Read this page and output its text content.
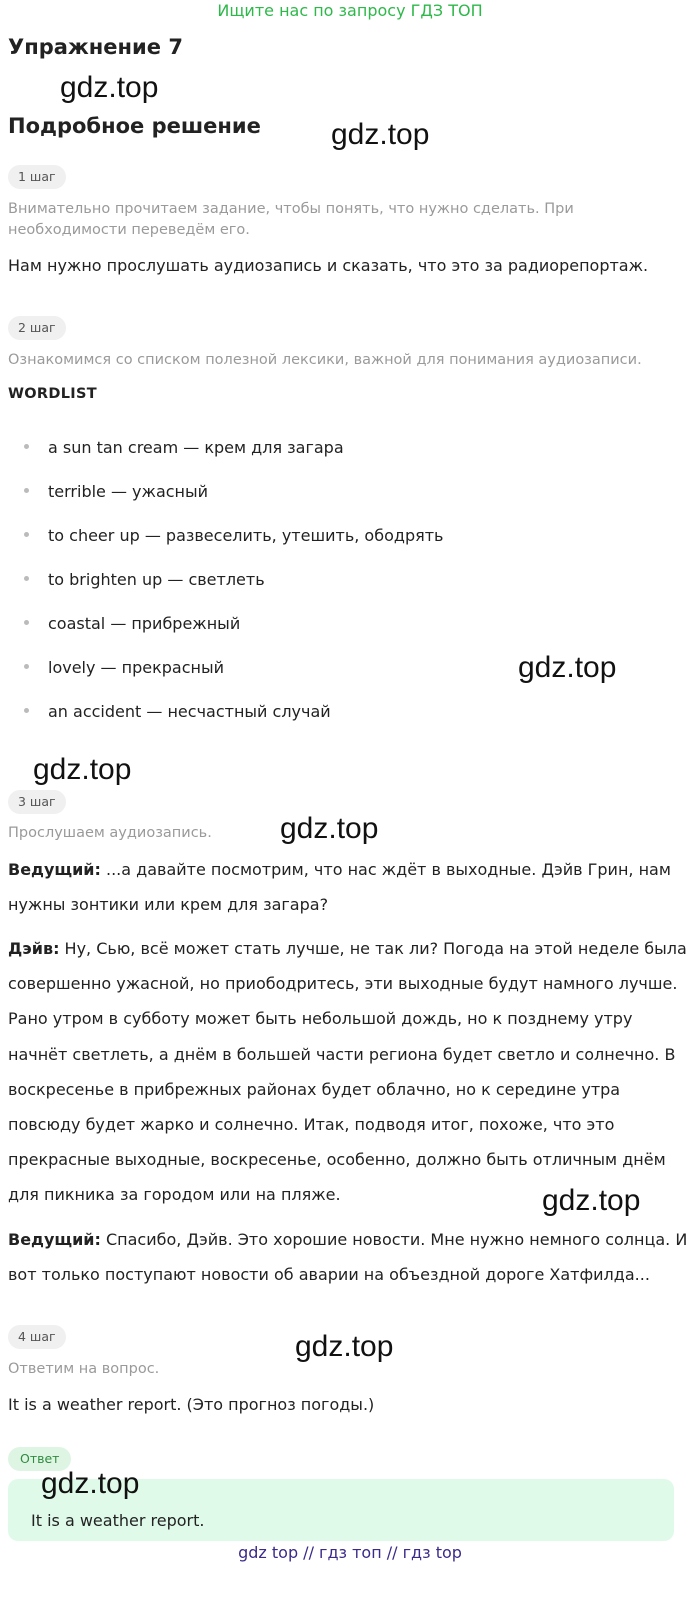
Ищите нас по запросу ГДЗ ТОП
Упражнение 7
gdz.top
Подробное решение gdz.top
1 шаг
Внимательно прочитаем задание, чтобы понять, что нужно сделать. При необходимости переведём его.
Нам нужно прослушать аудиозапись и сказать, что это за радиорепортаж.
2 шаг
Ознакомимся со списком полезной лексики, важной для понимания аудиозаписи.
WORDLIST
a sun tan cream — крем для загара
terrible — ужасный
to cheer up — развеселить, утешить, ободрять
to brighten up — светлеть
coastal — прибрежный
lovely — прекрасный
an accident — несчастный случай
gdz.top
gdz.top
3 шаг
Прослушаем аудиозапись.	gdz.top
Ведущий: ...а давайте посмотрим, что нас ждёт в выходные. Дэйв Грин, нам нужны зонтики или крем для загара?
Дэйв: Ну, Сью, всё может стать лучше, не так ли? Погода на этой неделе была совершенно ужасной, но приободритесь, эти выходные будут намного лучше. Рано утром в субботу может быть небольшой дождь, но к позднему утру начнёт светлеть, а днём в большей части региона будет светло и солнечно. В воскресенье в прибрежных районах будет облачно, но к середине утра повсюду будет жарко и солнечно. Итак, подводя итог, похоже, что это прекрасные выходные, воскресенье, особенно, должно быть отличным днём для пикника за городом или на пляже.	gdz.top
Ведущий: Спасибо, Дэйв. Это хорошие новости. Мне нужно немного солнца. И вот только поступают новости об аварии на объездной дороге Хатфилда...
4 шаг	gdz.top
Ответим на вопрос.
It is a weather report. (Это прогноз погоды.)
Ответ
gdz.top
It is a weather report.
gdz top // гдз топ // гдз top
